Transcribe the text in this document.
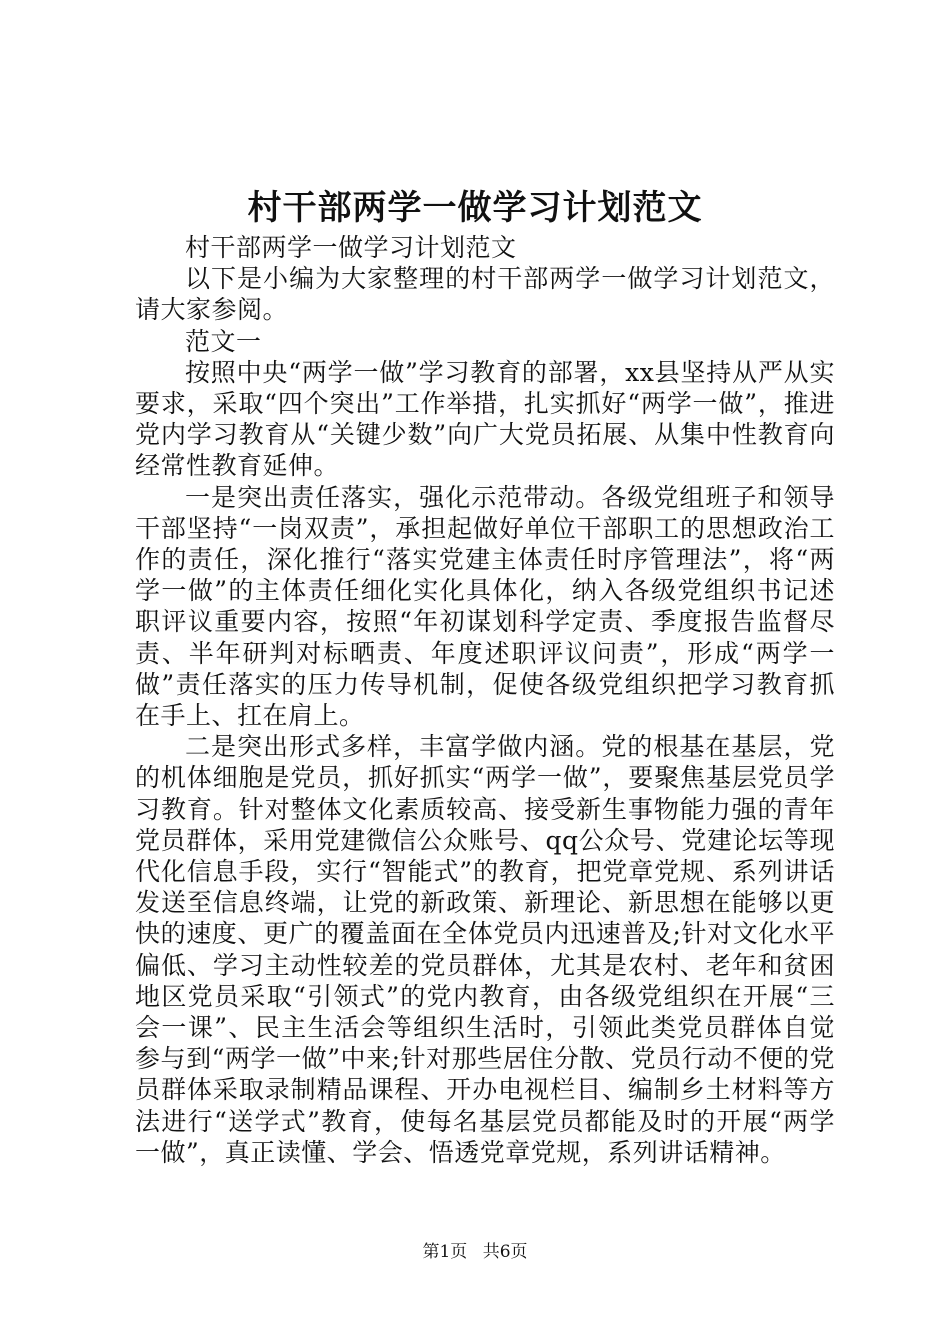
村干部两学一做学习计划范文

村干部两学一做学习计划范文

以下是小编为大家整理的村干部两学一做学习计划范文，请大家参阅。

范文一

按照中央“两学一做”学习教育的部署，xx县坚持从严从实要求，采取“四个突出”工作举措，扎实抓好“两学一做”，推进党内学习教育从“关键少数”向广大党员拓展、从集中性教育向经常性教育延伸。

一是突出责任落实，强化示范带动。各级党组班子和领导干部坚持“一岗双责”，承担起做好单位干部职工的思想政治工作的责任，深化推行“落实党建主体责任时序管理法”，将“两学一做”的主体责任细化实化具体化，纳入各级党组织书记述职评议重要内容，按照“年初谋划科学定责、季度报告监督尽责、半年研判对标晒责、年度述职评议问责”，形成“两学一做”责任落实的压力传导机制，促使各级党组织把学习教育抓在手上、扛在肩上。

二是突出形式多样，丰富学做内涵。党的根基在基层，党的机体细胞是党员，抓好抓实“两学一做”，要聚焦基层党员学习教育。针对整体文化素质较高、接受新生事物能力强的青年党员群体，采用党建微信公众账号、qq公众号、党建论坛等现代化信息手段，实行“智能式”的教育，把党章党规、系列讲话发送至信息终端，让党的新政策、新理论、新思想在能够以更快的速度、更广的覆盖面在全体党员内迅速普及;针对文化水平偏低、学习主动性较差的党员群体，尤其是农村、老年和贫困地区党员采取“引领式”的党内教育，由各级党组织在开展“三会一课”、民主生活会等组织生活时，引领此类党员群体自觉参与到“两学一做”中来;针对那些居住分散、党员行动不便的党员群体采取录制精品课程、开办电视栏目、编制乡土材料等方法进行“送学式”教育，使每名基层党员都能及时的开展“两学一做”，真正读懂、学会、悟透党章党规，系列讲话精神。

第1页 共6页
